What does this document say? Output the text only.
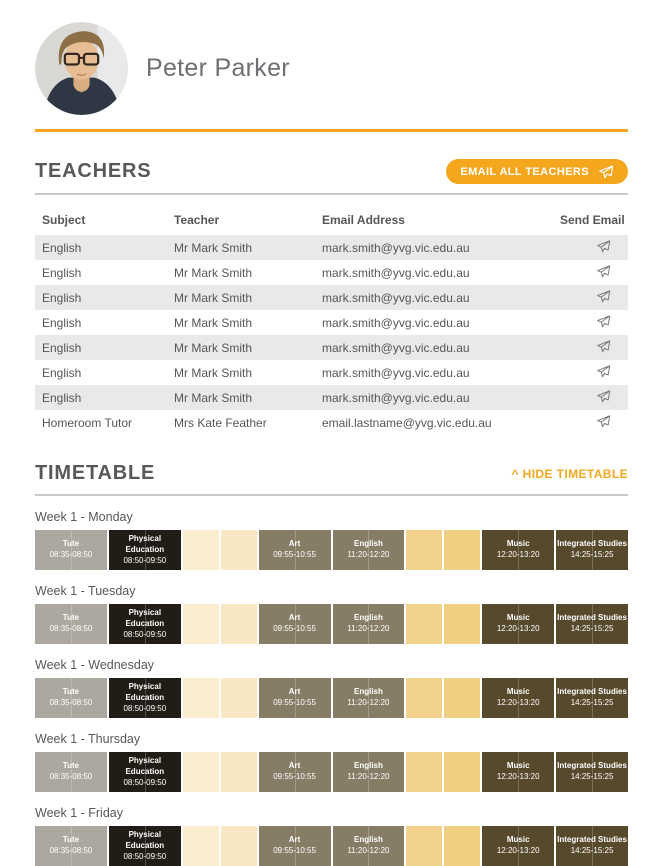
Peter Parker
TEACHERS	EMAIL ALL TEACHERS
Subject	Teacher	Email Address	Send Email
English	Mr Mark Smith	mark.smith@yvg.vic.edu.au
English	Mr Mark Smith	mark.smith@yvg.vic.edu.au
English	Mr Mark Smith	mark.smith@yvg.vic.edu.au
English	Mr Mark Smith	mark.smith@yvg.vic.edu.au
English	Mr Mark Smith	mark.smith@yvg.vic.edu.au
English	Mr Mark Smith	mark.smith@yvg.vic.edu.au
English	Mr Mark Smith	mark.smith@yvg.vic.edu.au
Homeroom Tutor	Mrs Kate Feather	email.lastname@yvg.vic.edu.au
TIMETABLE	^ HIDE TIMETABLE
Week 1 - Monday
Tute
08:35-08:50
Physical Education
08:50-09:50
Art
09:55-10:55
English
11:20-12:20
Music
12:20-13:20
Integrated Studies
14:25-15:25
Week 1 - Tuesday
Tute
08:35-08:50
Physical Education
08:50-09:50
Art
09:55-10:55
English
11:20-12:20
Music
12:20-13:20
Integrated Studies
14:25-15:25
Week 1 - Wednesday
Tute
08:35-08:50
Physical Education
08:50-09:50
Art
09:55-10:55
English
11:20-12:20
Music
12:20-13:20
Integrated Studies
14:25-15:25
Week 1 - Thursday
Tute
08:35-08:50
Physical Education
08:50-09:50
Art
09:55-10:55
English
11:20-12:20
Music
12:20-13:20
Integrated Studies
14:25-15:25
Week 1 - Friday
Tute
08:35-08:50
Physical Education
08:50-09:50
Art
09:55-10:55
English
11:20-12:20
Music
12:20-13:20
Integrated Studies
14:25-15:25
